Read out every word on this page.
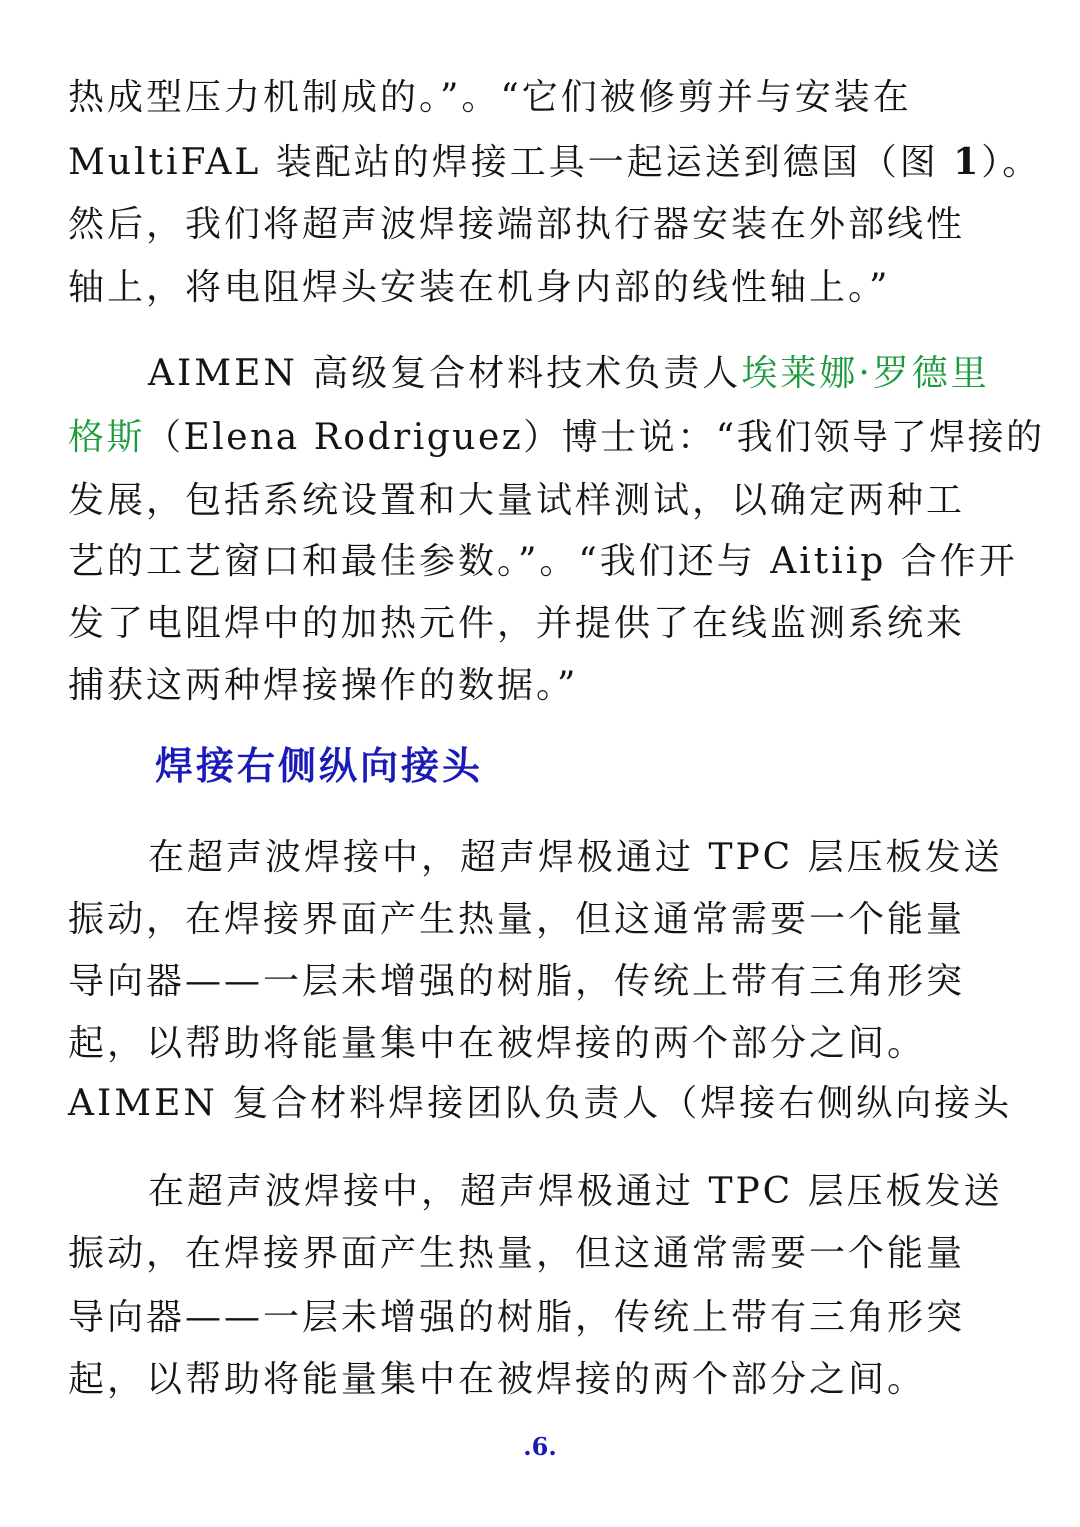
热成型压力机制成的。”。“它们被修剪并与安装在
MultiFAL 装配站的焊接工具一起运送到德国（图 1）。
然后，我们将超声波焊接端部执行器安装在外部线性
轴上，将电阻焊头安装在机身内部的线性轴上。”
AIMEN 高级复合材料技术负责人埃莱娜·罗德里
格斯（Elena Rodriguez）博士说：“我们领导了焊接的
发展，包括系统设置和大量试样测试，以确定两种工
艺的工艺窗口和最佳参数。”。“我们还与 Aitiip 合作开
发了电阻焊中的加热元件，并提供了在线监测系统来
捕获这两种焊接操作的数据。”
焊接右侧纵向接头
在超声波焊接中，超声焊极通过 TPC 层压板发送
振动，在焊接界面产生热量，但这通常需要一个能量
导向器——一层未增强的树脂，传统上带有三角形突
起，以帮助将能量集中在被焊接的两个部分之间。
AIMEN 复合材料焊接团队负责人（焊接右侧纵向接头
在超声波焊接中，超声焊极通过 TPC 层压板发送
振动，在焊接界面产生热量，但这通常需要一个能量
导向器——一层未增强的树脂，传统上带有三角形突
起，以帮助将能量集中在被焊接的两个部分之间。
.6.
